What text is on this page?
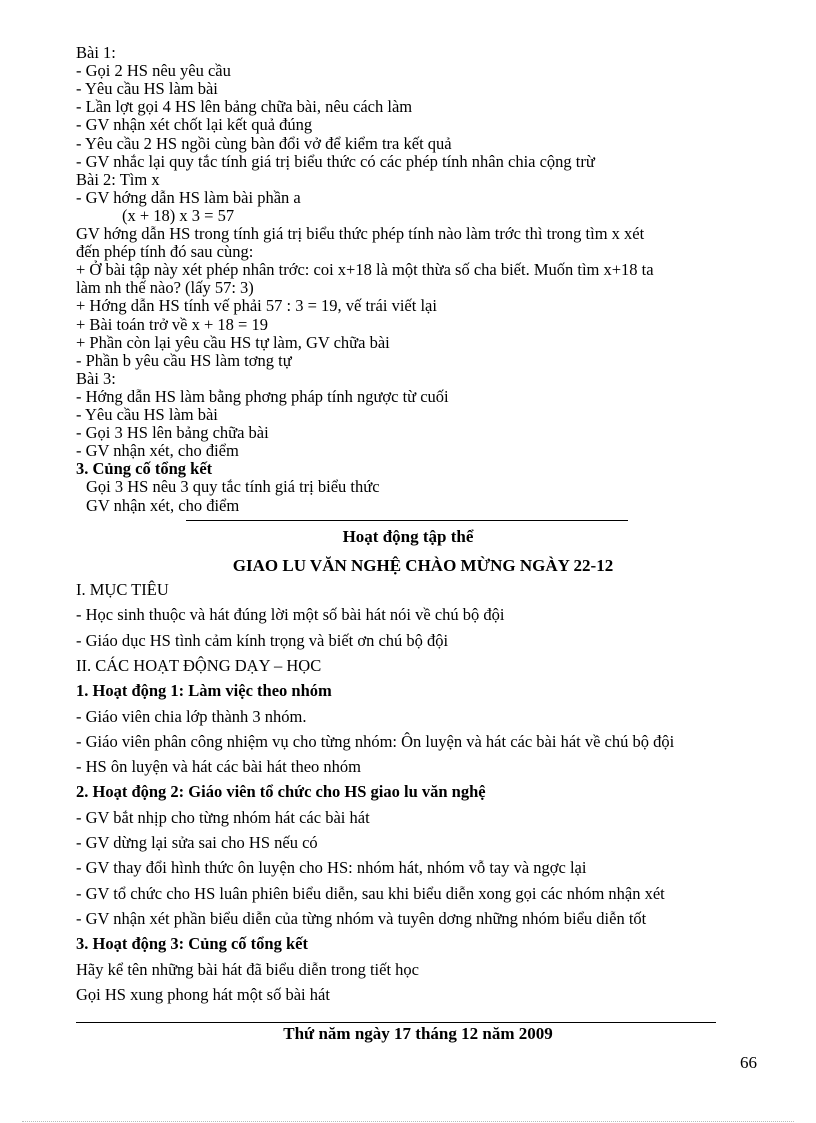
Bài 1:
- Gọi 2 HS nêu yêu cầu
- Yêu cầu HS làm bài
- Lần lợt gọi 4 HS lên bảng chữa bài, nêu cách làm
- GV nhận xét chốt lại kết quả đúng
- Yêu cầu 2 HS ngồi cùng bàn đổi vở để kiểm tra kết quả
- GV nhắc lại quy tắc tính giá trị biểu thức có các phép tính nhân chia cộng trừ
Bài 2: Tìm x
- GV hớng dẫn HS làm bài phần a
(x + 18) x 3 = 57
GV hớng dẫn HS trong tính giá trị biểu thức phép tính nào làm trớc thì trong tìm x xét
đến phép tính đó sau cùng:
+ Ở bài tập này xét phép nhân trớc: coi x+18 là một thừa số cha biết. Muốn tìm x+18 ta
làm nh thế nào? (lấy 57: 3)
+ Hớng dẫn HS tính vế phải 57 : 3 = 19, vế trái viết lại
+ Bài toán trở về x + 18 = 19
+ Phần còn lại yêu cầu HS tự làm, GV chữa bài
- Phần b yêu cầu HS làm tơng tự
Bài 3:
- Hớng dẫn HS làm bằng phơng pháp tính ngược từ cuối
- Yêu cầu HS làm bài
- Gọi 3 HS lên bảng chữa bài
- GV nhận xét, cho điểm
3. Củng cố tổng kết
Gọi 3 HS nêu 3 quy tắc tính giá trị biểu thức
GV nhận xét, cho điểm
Hoạt động tập thể
GIAO LU VĂN NGHỆ CHÀO MỪNG NGÀY 22-12
I. MỤC TIÊU
- Học sinh thuộc và hát đúng lời một số bài hát nói về chú bộ đội
- Giáo dục HS tình cảm kính trọng và biết ơn chú bộ đội
II. CÁC HOẠT ĐỘNG DẠY – HỌC
1. Hoạt động 1: Làm việc theo nhóm
- Giáo viên chia lớp thành 3 nhóm.
- Giáo viên phân công nhiệm vụ cho từng nhóm: Ôn luyện và hát các bài hát về chú bộ đội
- HS ôn luyện và hát các bài hát theo nhóm
2. Hoạt động 2: Giáo viên tổ chức cho HS giao lu văn nghệ
- GV bắt nhịp cho từng nhóm hát các bài hát
- GV dừng lại sửa sai cho HS nếu có
- GV thay đổi hình thức ôn luyện cho HS: nhóm hát, nhóm vỗ tay và ngợc lại
- GV tổ chức cho HS luân phiên biểu diễn, sau khi biểu diễn xong gọi các nhóm nhận xét
- GV nhận xét phần biểu diễn của từng nhóm và tuyên dơng những nhóm biểu diễn tốt
3. Hoạt động 3: Củng cố tổng kết
Hãy kể tên những bài hát đã biểu diễn trong tiết học
Gọi HS xung phong hát một số bài hát
Thứ năm ngày 17 tháng 12 năm 2009
66
